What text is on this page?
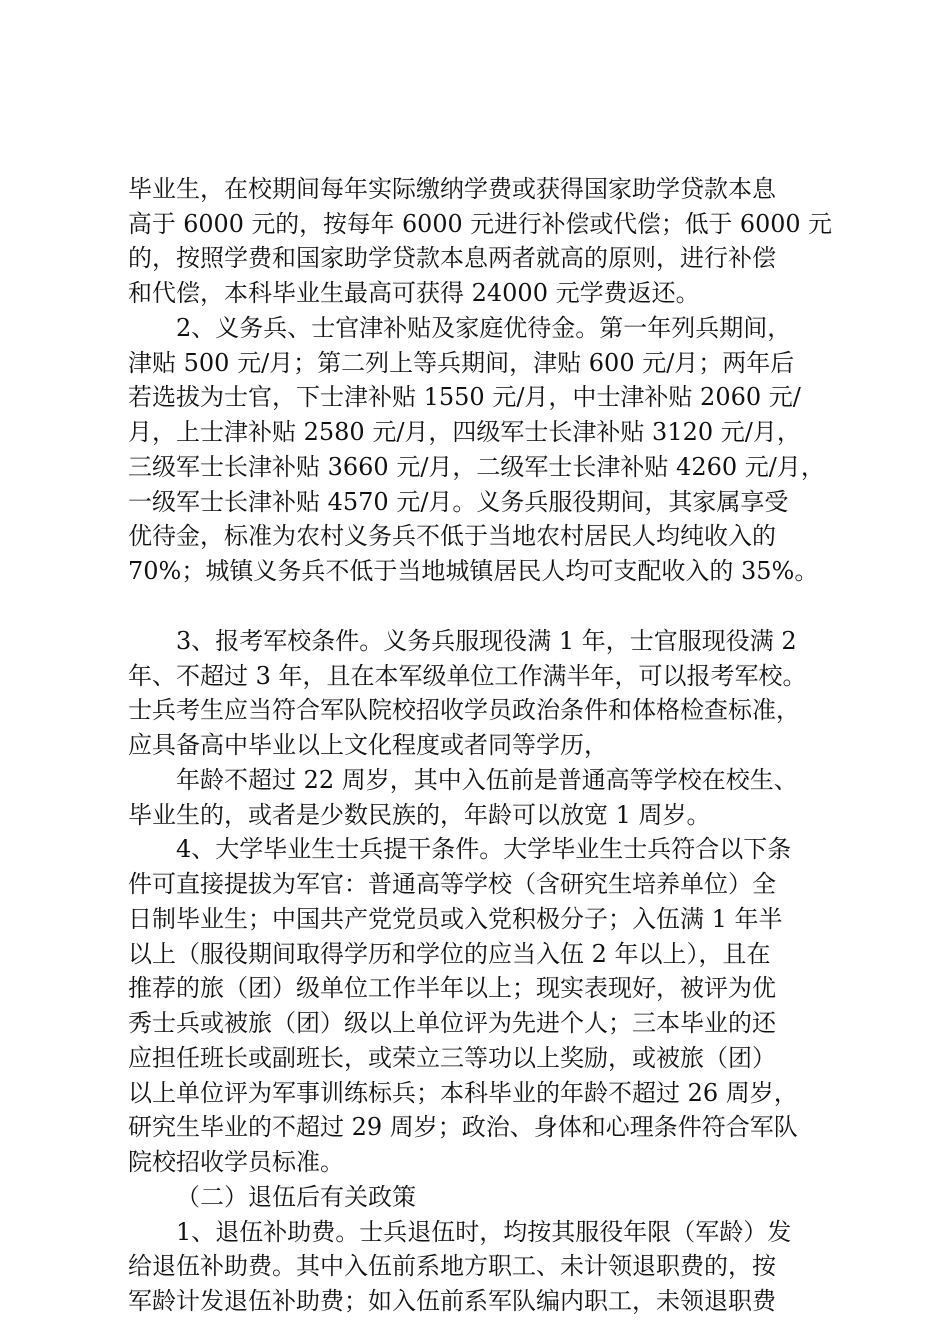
毕业生，在校期间每年实际缴纳学费或获得国家助学贷款本息
高于 6000 元的，按每年 6000 元进行补偿或代偿；低于 6000 元
的，按照学费和国家助学贷款本息两者就高的原则，进行补偿
和代偿，本科毕业生最高可获得 24000 元学费返还。
2、义务兵、士官津补贴及家庭优待金。第一年列兵期间，
津贴 500 元/月；第二列上等兵期间，津贴 600 元/月；两年后
若选拔为士官，下士津补贴 1550 元/月，中士津补贴 2060 元/
月，上士津补贴 2580 元/月，四级军士长津补贴 3120 元/月，
三级军士长津补贴 3660 元/月，二级军士长津补贴 4260 元/月，
一级军士长津补贴 4570 元/月。义务兵服役期间，其家属享受
优待金，标准为农村义务兵不低于当地农村居民人均纯收入的
70%；城镇义务兵不低于当地城镇居民人均可支配收入的 35%。
3、报考军校条件。义务兵服现役满 1 年，士官服现役满 2
年、不超过 3 年，且在本军级单位工作满半年，可以报考军校。
士兵考生应当符合军队院校招收学员政治条件和体格检查标准，
应具备高中毕业以上文化程度或者同等学历，
年龄不超过 22 周岁，其中入伍前是普通高等学校在校生、
毕业生的，或者是少数民族的，年龄可以放宽 1 周岁。
4、大学毕业生士兵提干条件。大学毕业生士兵符合以下条
件可直接提拔为军官：普通高等学校（含研究生培养单位）全
日制毕业生；中国共产党党员或入党积极分子；入伍满 1 年半
以上（服役期间取得学历和学位的应当入伍 2 年以上），且在
推荐的旅（团）级单位工作半年以上；现实表现好，被评为优
秀士兵或被旅（团）级以上单位评为先进个人；三本毕业的还
应担任班长或副班长，或荣立三等功以上奖励，或被旅（团）
以上单位评为军事训练标兵；本科毕业的年龄不超过 26 周岁，
研究生毕业的不超过 29 周岁；政治、身体和心理条件符合军队
院校招收学员标准。
（二）退伍后有关政策
1、退伍补助费。士兵退伍时，均按其服役年限（军龄）发
给退伍补助费。其中入伍前系地方职工、未计领退职费的，按
军龄计发退伍补助费；如入伍前系军队编内职工，未领退职费
